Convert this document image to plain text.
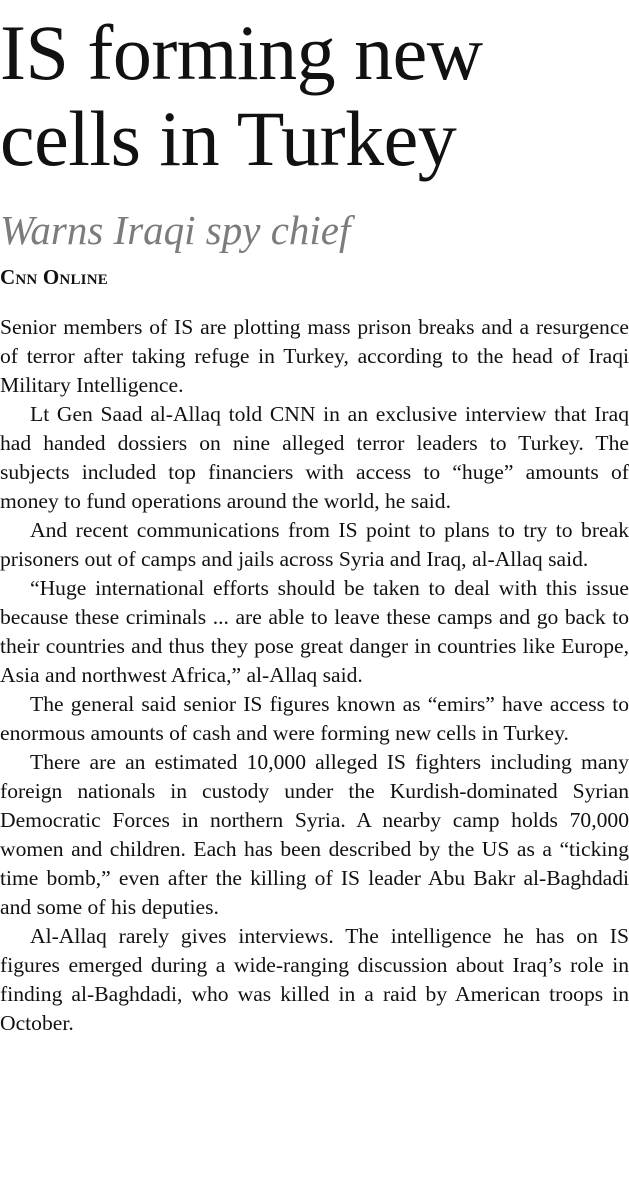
IS forming new
cells in Turkey
Warns Iraqi spy chief
Cnn Online

Senior members of IS are plotting mass prison breaks and a resurgence of terror after taking refuge in Turkey, according to the head of Iraqi Military Intelligence.

Lt Gen Saad al-Allaq told CNN in an exclusive interview that Iraq had handed dossiers on nine alleged terror leaders to Turkey. The subjects included top financiers with access to “huge” amounts of money to fund operations around the world, he said.

And recent communications from IS point to plans to try to break prisoners out of camps and jails across Syria and Iraq, al-Allaq said.

“Huge international efforts should be taken to deal with this issue because these criminals ... are able to leave these camps and go back to their countries and thus they pose great danger in countries like Europe, Asia and northwest Africa,” al-Allaq said.

The general said senior IS figures known as “emirs” have access to enormous amounts of cash and were forming new cells in Turkey.

There are an estimated 10,000 alleged IS fighters including many foreign nationals in custody under the Kurdish-dominated Syrian Democratic Forces in northern Syria. A nearby camp holds 70,000 women and children. Each has been described by the US as a “ticking time bomb,” even after the killing of IS leader Abu Bakr al-Baghdadi and some of his deputies.

Al-Allaq rarely gives interviews. The intelligence he has on IS figures emerged during a wide-ranging discussion about Iraq’s role in finding al-Baghdadi, who was killed in a raid by American troops in October.
